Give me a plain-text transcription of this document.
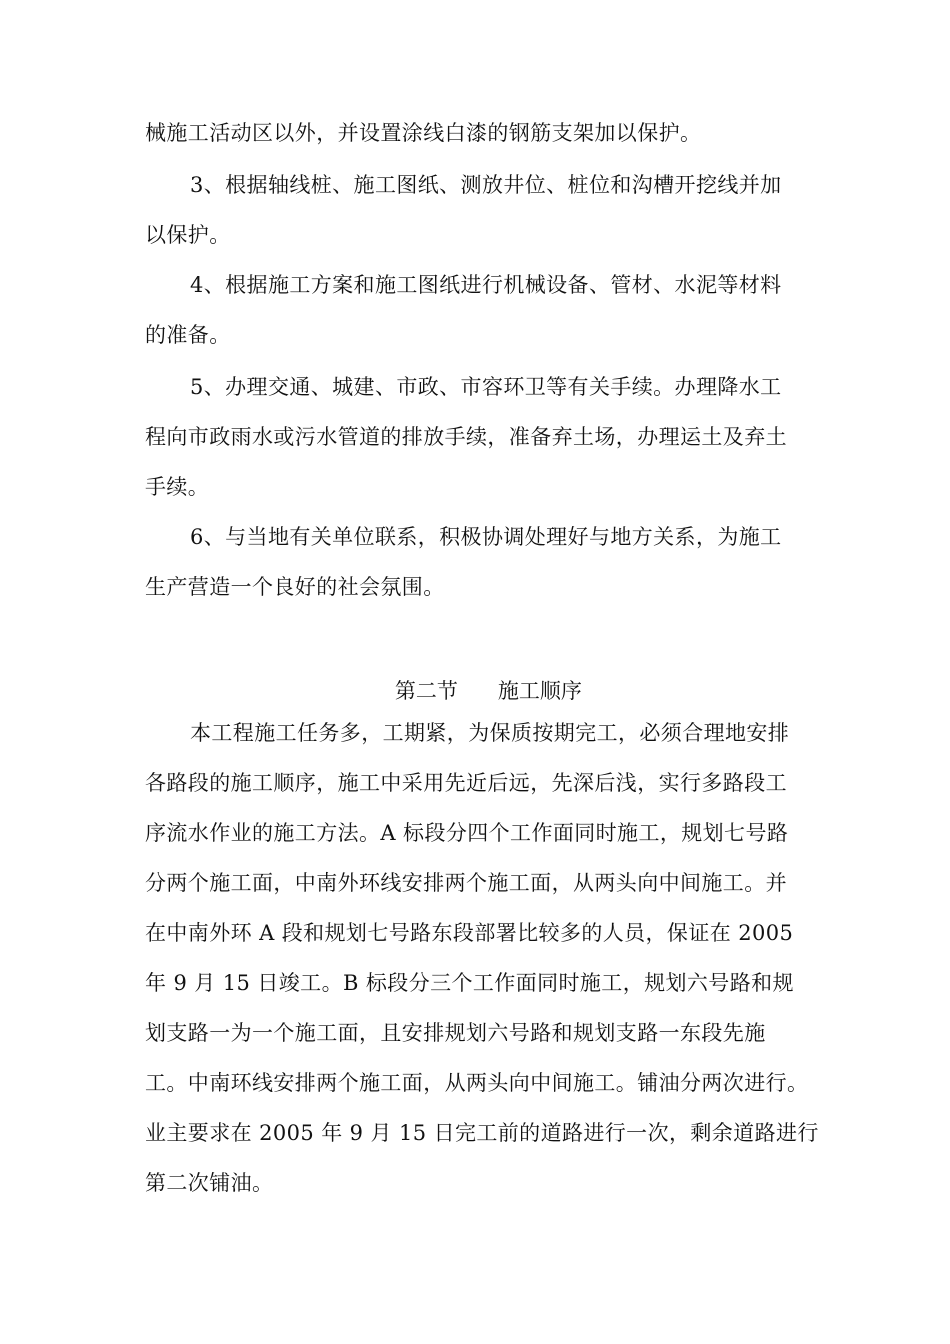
械施工活动区以外，并设置涂线白漆的钢筋支架加以保护。
3、根据轴线桩、施工图纸、测放井位、桩位和沟槽开挖线并加
以保护。
4、根据施工方案和施工图纸进行机械设备、管材、水泥等材料
的准备。
5、办理交通、城建、市政、市容环卫等有关手续。办理降水工
程向市政雨水或污水管道的排放手续，准备弃土场，办理运土及弃土
手续。
6、与当地有关单位联系，积极协调处理好与地方关系，为施工
生产营造一个良好的社会氛围。

第二节 施工顺序

本工程施工任务多，工期紧，为保质按期完工，必须合理地安排
各路段的施工顺序，施工中采用先近后远，先深后浅，实行多路段工
序流水作业的施工方法。A 标段分四个工作面同时施工，规划七号路
分两个施工面，中南外环线安排两个施工面，从两头向中间施工。并
在中南外环 A 段和规划七号路东段部署比较多的人员，保证在 2005
年 9 月 15 日竣工。B 标段分三个工作面同时施工，规划六号路和规
划支路一为一个施工面，且安排规划六号路和规划支路一东段先施
工。中南环线安排两个施工面，从两头向中间施工。铺油分两次进行。
业主要求在 2005 年 9 月 15 日完工前的道路进行一次，剩余道路进行
第二次铺油。
